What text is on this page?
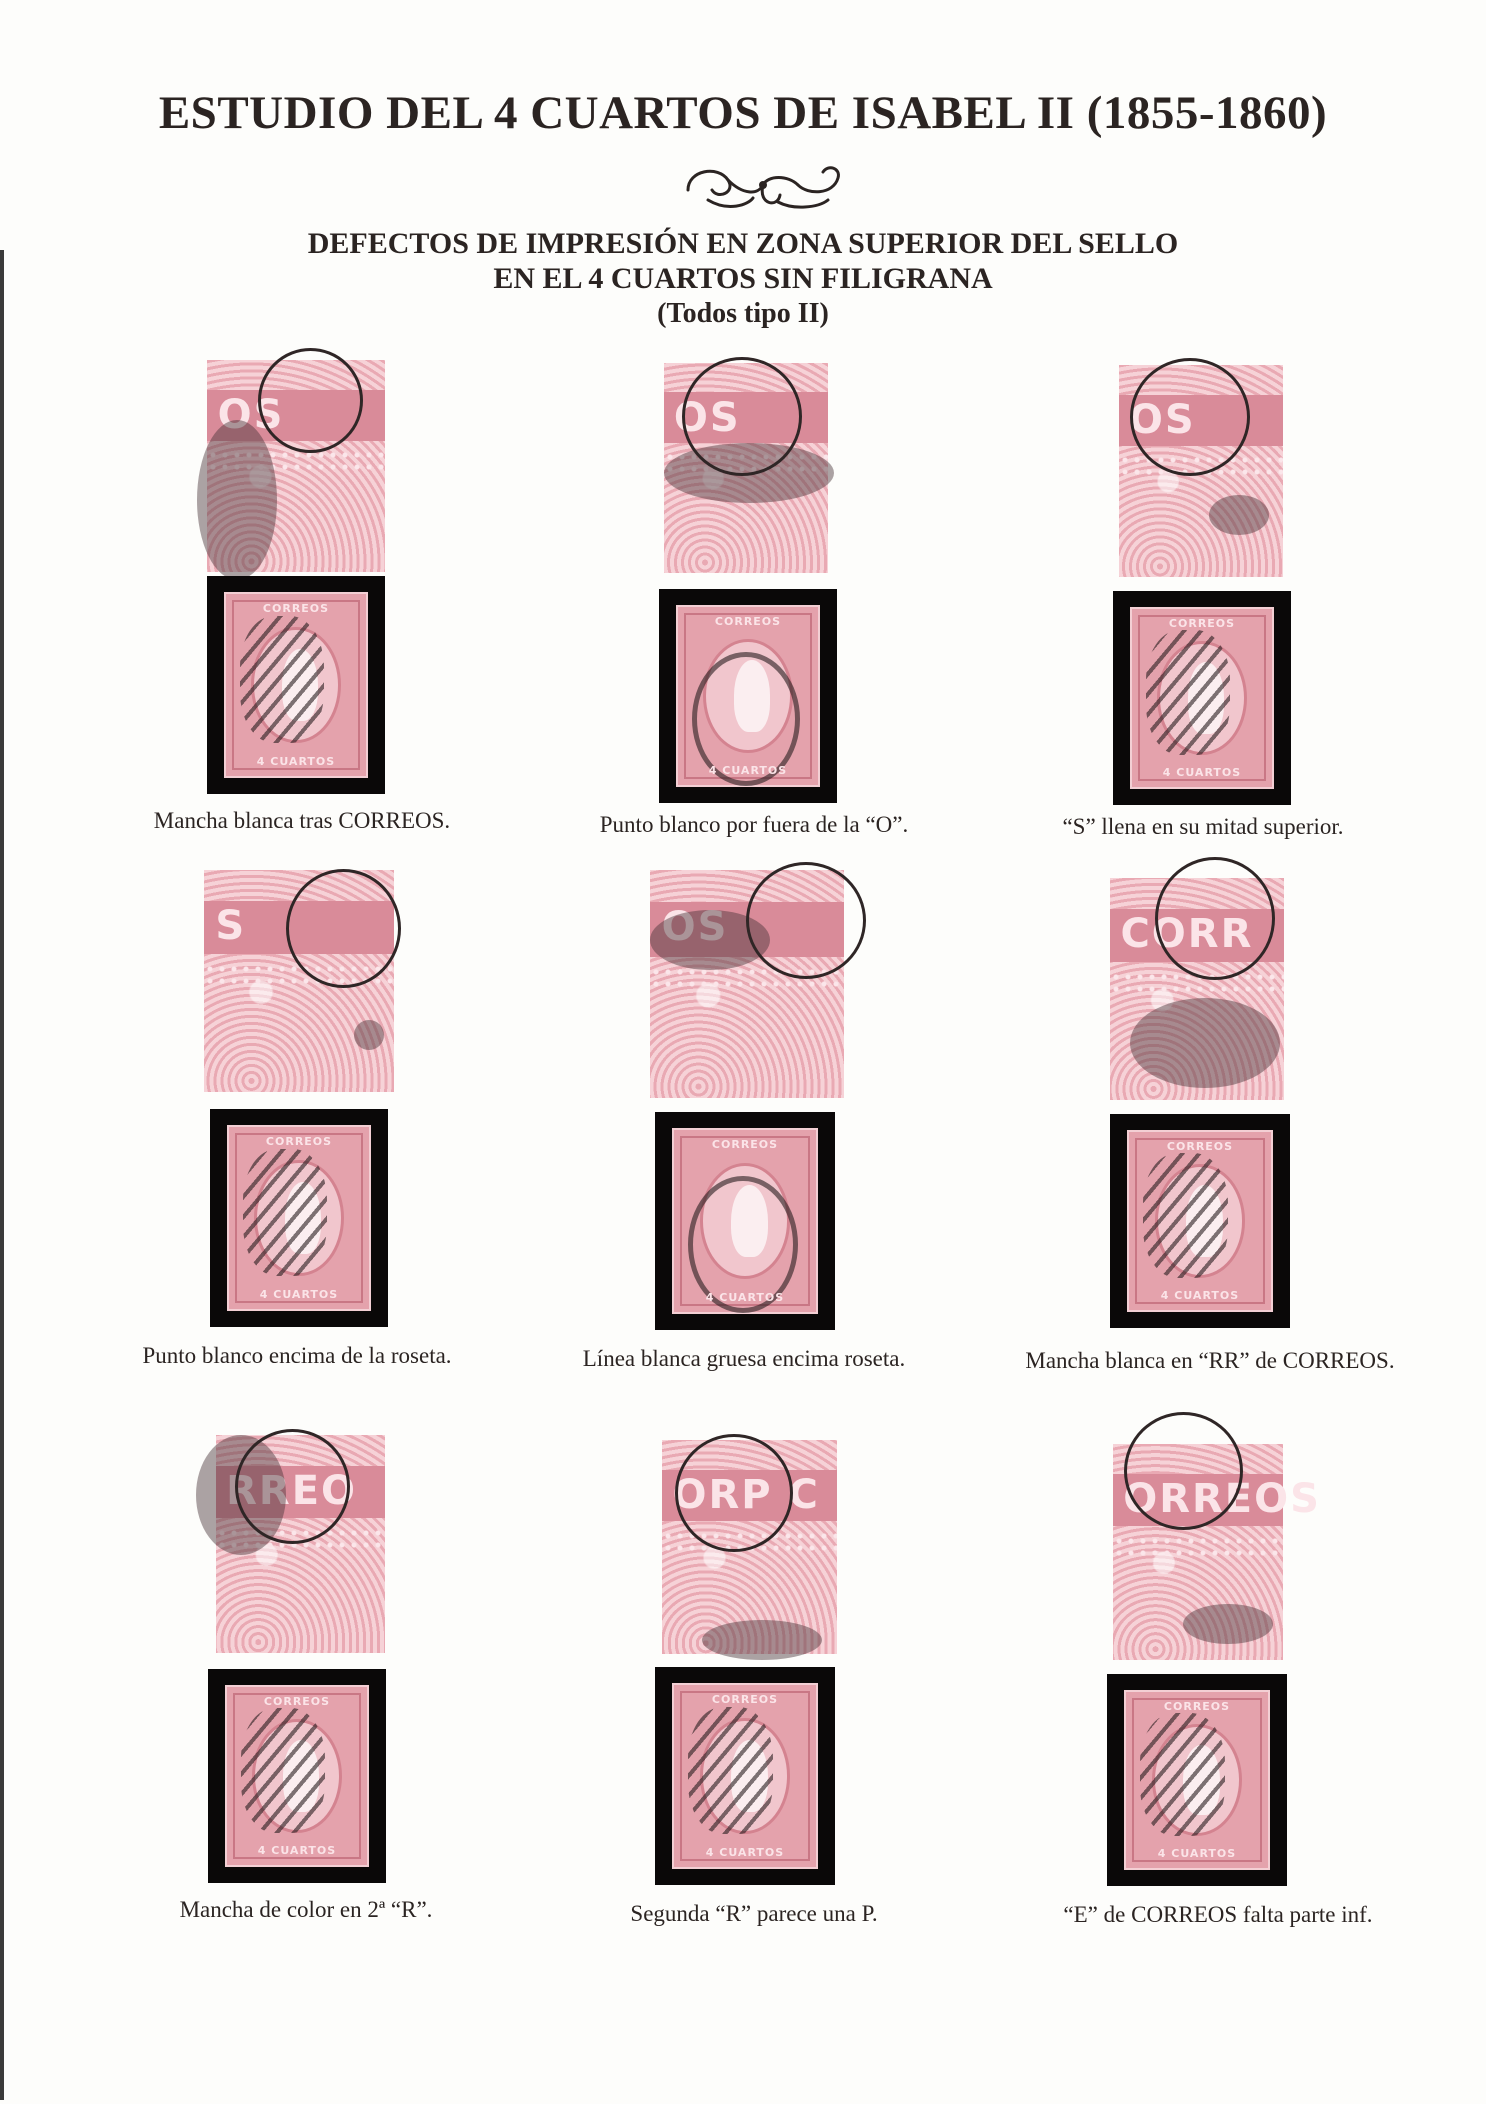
ESTUDIO DEL 4 CUARTOS DE ISABEL II (1855-1860)
DEFECTOS DE IMPRESIÓN EN ZONA SUPERIOR DEL SELLO
EN EL 4 CUARTOS SIN FILIGRANA
(Todos tipo II)
OS
CORREOS
4 CUARTOS
Mancha blanca tras CORREOS.
OS
CORREOS
4 CUARTOS
Punto blanco por fuera de la “O”.
OS
CORREOS
4 CUARTOS
“S” llena en su mitad superior.
S
CORREOS
4 CUARTOS
Punto blanco encima de la roseta.
OS
CORREOS
4 CUARTOS
Línea blanca gruesa encima roseta.
CORR
CORREOS
4 CUARTOS
Mancha blanca en “RR” de CORREOS.
RREO
CORREOS
4 CUARTOS
Mancha de color en 2ª “R”.
ORP C
CORREOS
4 CUARTOS
Segunda “R” parece una P.
ORREOS
CORREOS
4 CUARTOS
“E” de CORREOS falta parte inf.
